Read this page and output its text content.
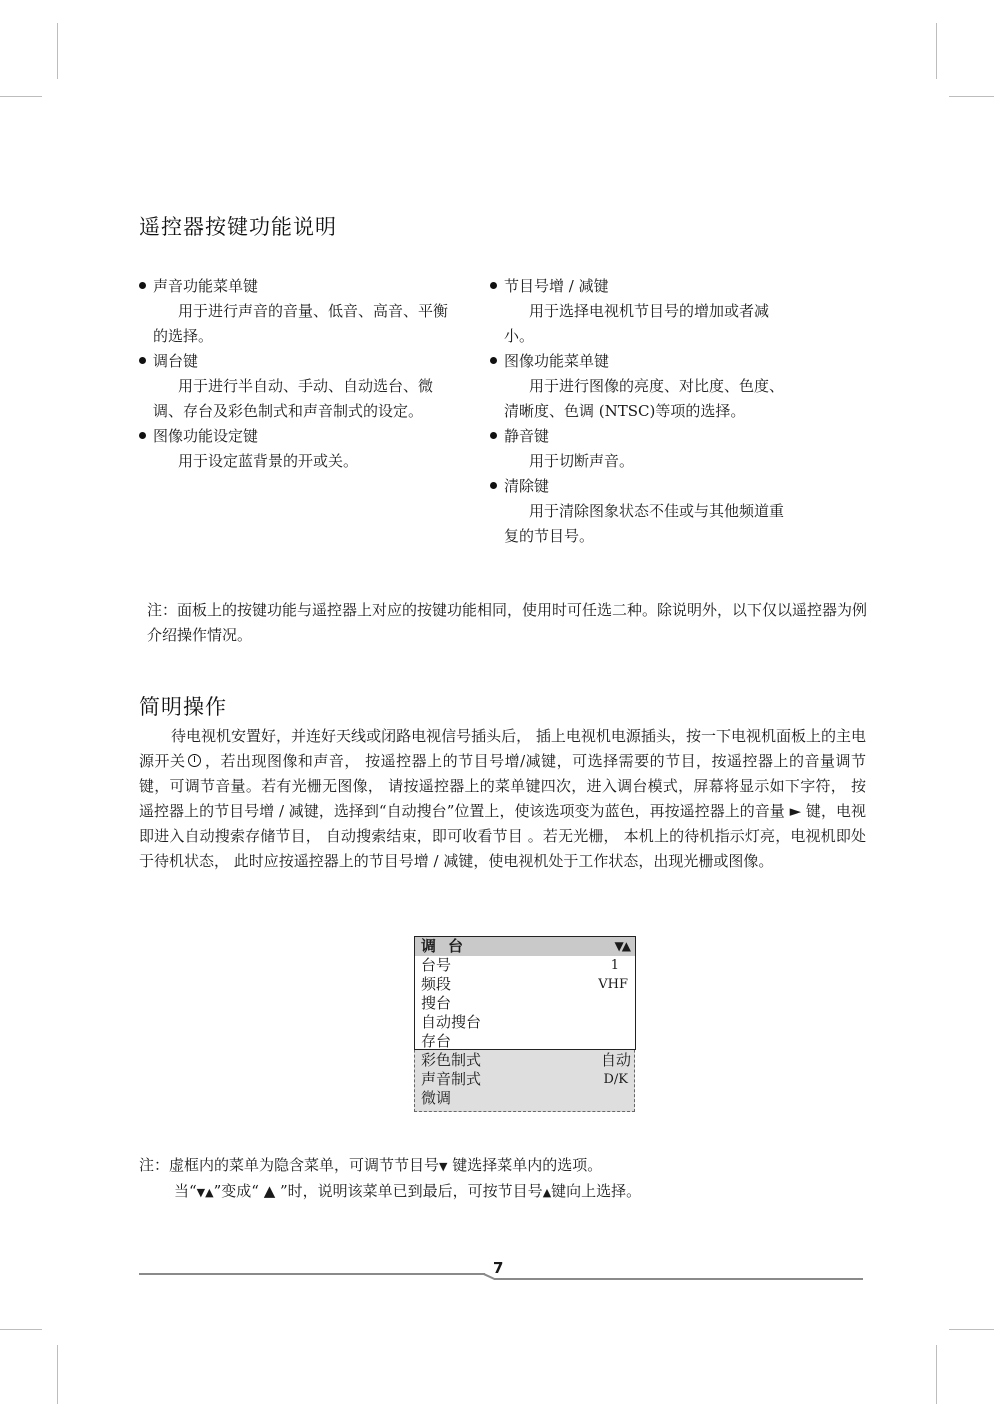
遥控器按键功能说明
声音功能菜单键
用于进行声音的音量、低音、高音、平衡的选择。
调台键
用于进行半自动、手动、自动选台、微调、存台及彩色制式和声音制式的设定。
图像功能设定键
用于设定蓝背景的开或关。
节目号增 / 减键
用于选择电视机节目号的增加或者减小。
图像功能菜单键
用于进行图像的亮度、对比度、色度、清晰度、色调 (NTSC)等项的选择。
静音键
用于切断声音。
清除键
用于清除图象状态不佳或与其他频道重复的节目号。
注：面板上的按键功能与遥控器上对应的按键功能相同，使用时可任选二种。除说明外，以下仅以遥控器为例介绍操作情况。
简明操作
待电视机安置好，并连好天线或闭路电视信号插头后， 插上电视机电源插头，按一下电视机面板上的主电源开关 ，若出现图像和声音， 按遥控器上的节目号增/减键，可选择需要的节目，按遥控器上的音量调节键，可调节音量。若有光栅无图像， 请按遥控器上的菜单键四次，进入调台模式，屏幕将显示如下字符， 按遥控器上的节目号增 / 减键，选择到“自动搜台”位置上，使该选项变为蓝色，再按遥控器上的音量 ► 键，电视即进入自动搜索存储节目， 自动搜索结束，即可收看节目 。若无光栅， 本机上的待机指示灯亮，电视机即处于待机状态， 此时应按遥控器上的节目号增 / 减键，使电视机处于工作状态，出现光栅或图像。
调台	▼▲
台号	1
频段	VHF
搜台
自动搜台
存台
彩色制式	自动
声音制式	D/K
微调
注：虚框内的菜单为隐含菜单，可调节节目号▼ 键选择菜单内的选项。
当“▼▲”变成“ ▲ ”时，说明该菜单已到最后，可按节目号▲键向上选择。
7
